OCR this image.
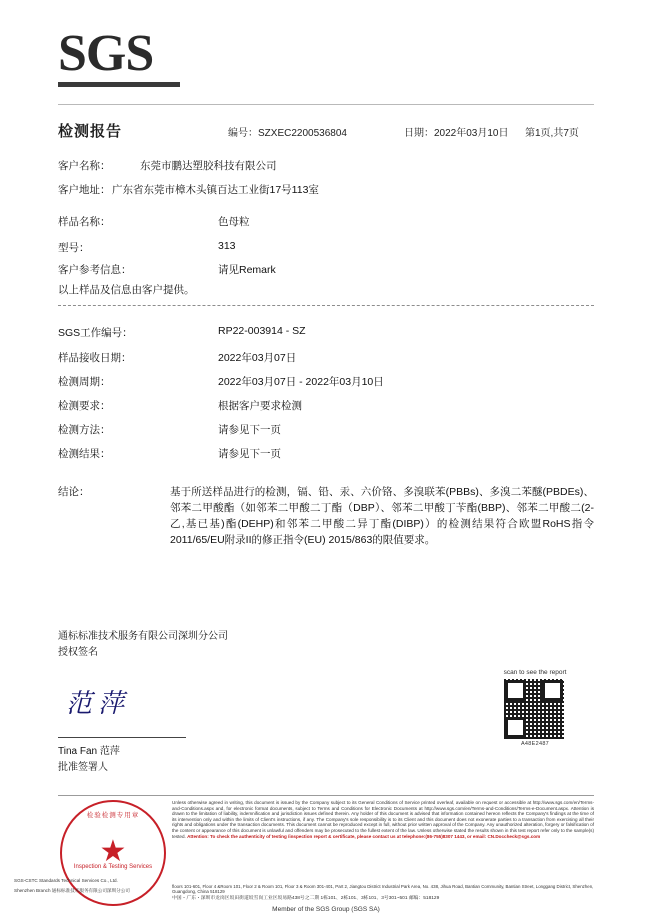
SGS
检测报告	编号：SZXEC2200536804	日期：2022年03月10日 第1页,共7页
客户名称：	东莞市鹏达塑胶科技有限公司
客户地址： 广东省东莞市樟木头镇百达工业街17号113室
样品名称：	色母粒
型号：	313
客户参考信息：	请见Remark
以上样品及信息由客户提供。
SGS工作编号：	RP22-003914 - SZ
样品接收日期：	2022年03月07日
检测周期：	2022年03月07日 - 2022年03月10日
检测要求：	根据客户要求检测
检测方法：	请参见下一页
检测结果：	请参见下一页
结论：	基于所送样品进行的检测，镉、铅、汞、六价铬、多溴联苯(PBBs)、多溴二苯醚(PBDEs)、邻苯二甲酸酯（如邻苯二甲酸二丁酯（DBP）、邻苯二甲酸丁苄酯(BBP)、邻苯二甲酸二(2-乙,基已基)酯(DEHP)和邻苯二甲酸二异丁酯(DIBP)）的检测结果符合欧盟RoHS指令2011/65/EU附录II的修正指令(EU) 2015/863的限值要求。
通标标准技术服务有限公司深圳分公司
授权签名
范萍
Tina Fan 范萍
批准签署人
scan to see the report
A48E2487
Unless otherwise agreed in writing, this document is issued by the Company subject to its General Conditions of Service printed overleaf, available on request or accessible at http://www.sgs.com/en/Terms-and-Conditions.aspx and, for electronic format documents, subject to Terms and Conditions for Electronic Documents at http://www.sgs.com/en/Terms-and-Conditions/Terms-e-Document.aspx. Attention is drawn to the limitation of liability, indemnification and jurisdiction issues defined therein. Any holder of this document is advised that information contained hereon reflects the Company's findings at the time of its intervention only and within the limits of Client's instructions, if any. The Company's sole responsibility is to its Client and this document does not exonerate parties to a transaction from exercising all their rights and obligations under the transaction documents. This document cannot be reproduced except in full, without prior written approval of the Company. Any unauthorized alteration, forgery or falsification of the content or appearance of this document is unlawful and offenders may be prosecuted to the fullest extent of the law. Unless otherwise stated the results shown in this test report refer only to the sample(s) tested. Attention: To check the authenticity of testing /inspection report & certificate, please contact us at telephone:(86-755)8307 1443, or email: CN.Doccheck@sgs.com
floors 101-601, Floor 4 &Room 101, Floor 2 & Room 101, Floor 3 & Room 301-401, Part 2, Jiangtou District Industrial Park Area, No. 438, Jihua Road, Bantian Community, Bantian Street, Longgang District, Shenzhen, Guangdong, China 518129
中国・广东・深圳市龙岗区坂田街道坂雪岗工业区坂易路438号之二期 1栋101、2栋101、3栋101、3号301~501 邮编：518129
Member of the SGS Group (SGS SA)
检验检测专用章
★
Inspection & Testing Services
SGS-CSTC Standards Technical Services Co., Ltd.
Shenzhen Branch 通标标准技术服务有限公司深圳分公司
